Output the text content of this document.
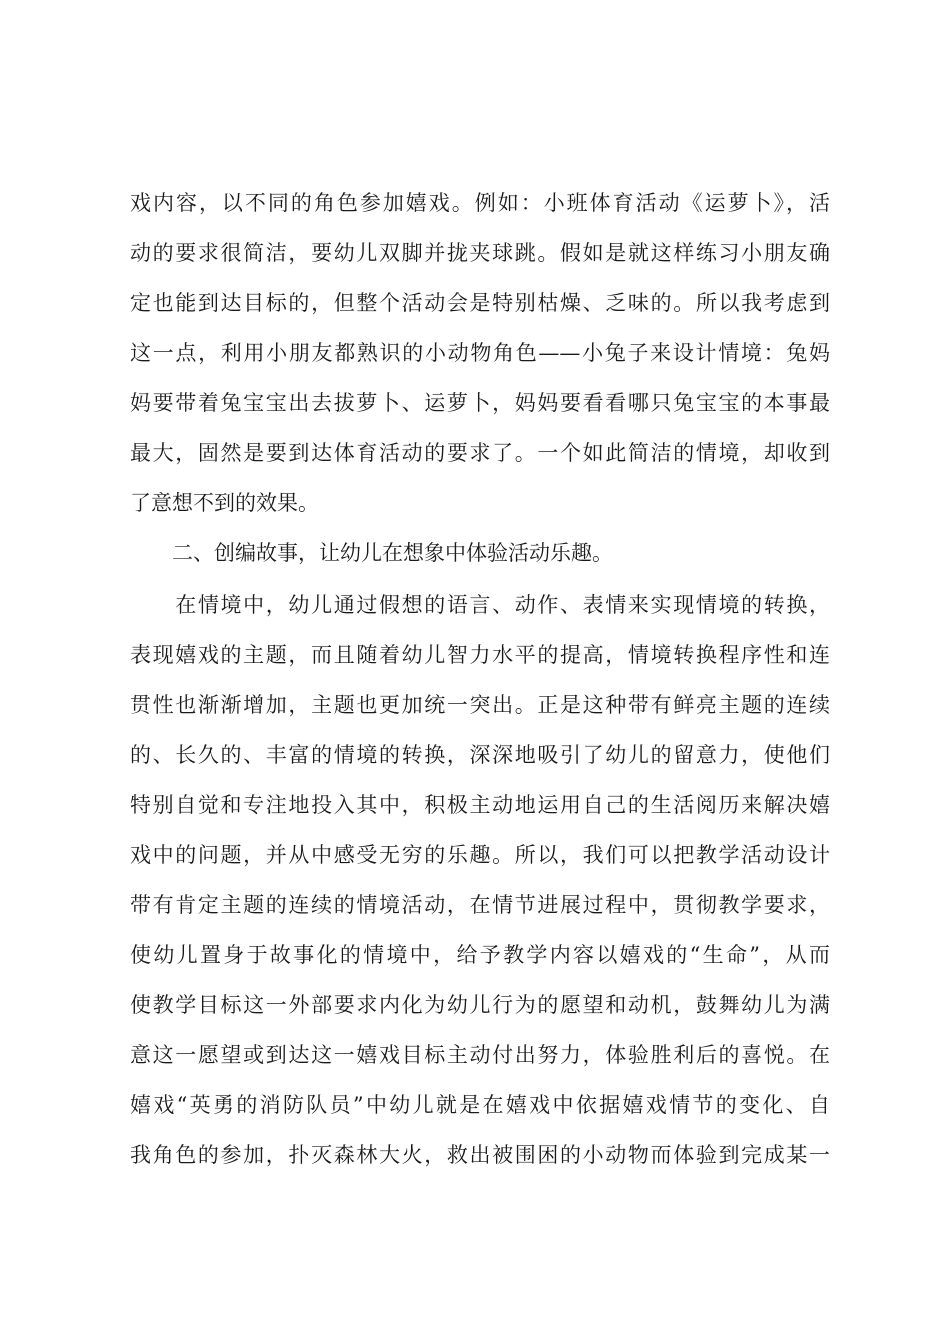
戏内容，以不同的角色参加嬉戏。例如：小班体育活动《运萝卜》，活
动的要求很简洁，要幼儿双脚并拢夹球跳。假如是就这样练习小朋友确
定也能到达目标的，但整个活动会是特别枯燥、乏味的。所以我考虑到
这一点，利用小朋友都熟识的小动物角色——小兔子来设计情境：兔妈
妈要带着兔宝宝出去拔萝卜、运萝卜，妈妈要看看哪只兔宝宝的本事最
最大，固然是要到达体育活动的要求了。一个如此简洁的情境，却收到
了意想不到的效果。
　　二、创编故事，让幼儿在想象中体验活动乐趣。
　　在情境中，幼儿通过假想的语言、动作、表情来实现情境的转换，
表现嬉戏的主题，而且随着幼儿智力水平的提高，情境转换程序性和连
贯性也渐渐增加，主题也更加统一突出。正是这种带有鲜亮主题的连续
的、长久的、丰富的情境的转换，深深地吸引了幼儿的留意力，使他们
特别自觉和专注地投入其中，积极主动地运用自己的生活阅历来解决嬉
戏中的问题，并从中感受无穷的乐趣。所以，我们可以把教学活动设计
带有肯定主题的连续的情境活动，在情节进展过程中，贯彻教学要求，
使幼儿置身于故事化的情境中，给予教学内容以嬉戏的“生命”，从而
使教学目标这一外部要求内化为幼儿行为的愿望和动机，鼓舞幼儿为满
意这一愿望或到达这一嬉戏目标主动付出努力，体验胜利后的喜悦。在
嬉戏“英勇的消防队员”中幼儿就是在嬉戏中依据嬉戏情节的变化、自
我角色的参加，扑灭森林大火，救出被围困的小动物而体验到完成某一
